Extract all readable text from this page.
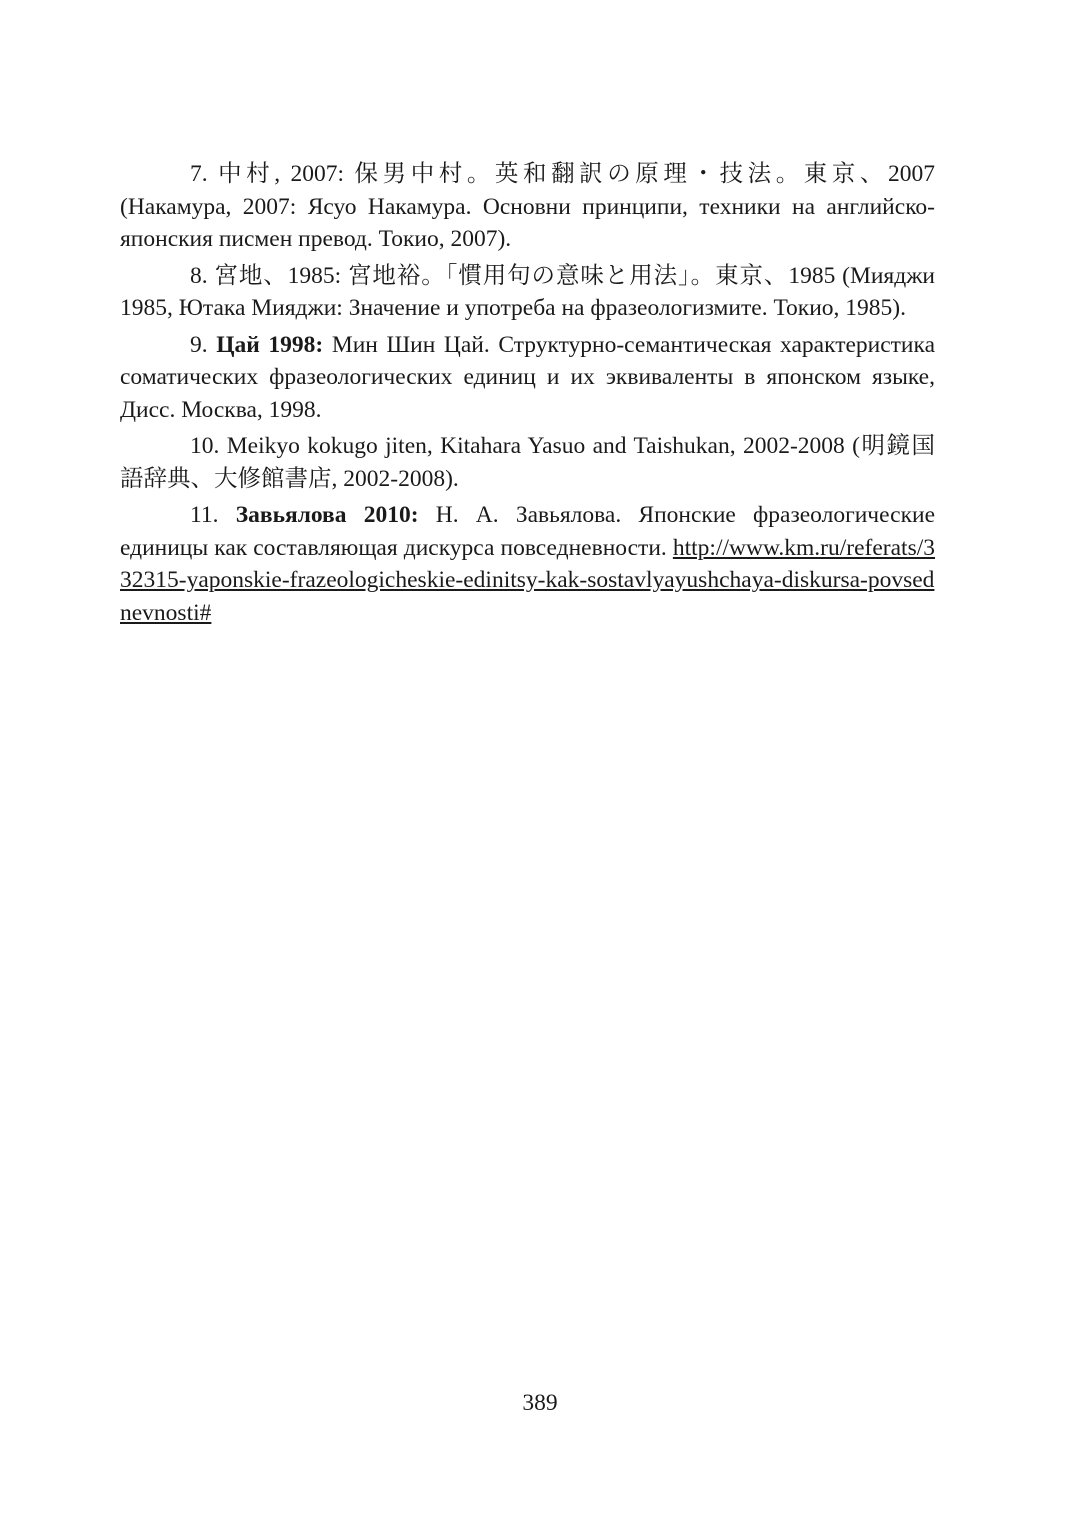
7. 中村, 2007: 保男中村。英和翻訳の原理・技法。東京、2007 (Накамура, 2007: Ясуо Накамура. Основни принципи, техники на английско-японския писмен превод. Токио, 2007).

8. 宮地、1985: 宮地裕。「慣用句の意味と用法」。東京、1985 (Мияджи 1985, Ютака Мияджи: Значение и употреба на фразеологизмите. Токио, 1985).

9. Цай 1998: Мин Шин Цай. Структурно-семантическая характеристика соматических фразеологических единиц и их эквиваленты в японском языке, Дисс. Москва, 1998.

10. Meikyo kokugo jiten, Kitahara Yasuo and Taishukan, 2002-2008 (明鏡国語辞典、大修館書店, 2002-2008).

11. Завьялова 2010: Н. А. Завьялова. Японские фразеологические единицы как составляющая дискурса повседневности. http://www.km.ru/referats/332315-yaponskie-frazeologicheskie-edinitsy-kak-sostavlyayushchaya-diskursa-povsednevnosti#

389
